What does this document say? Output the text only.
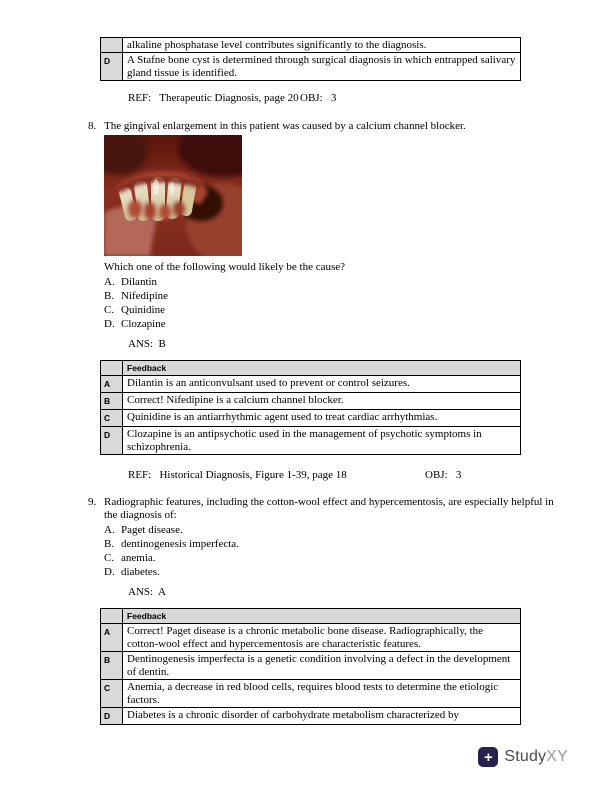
	alkaline phosphatase level contributes significantly to the diagnosis.
D	A Stafne bone cyst is determined through surgical diagnosis in which entrapped salivary gland tissue is identified.
REF:   Therapeutic Diagnosis, page 20OBJ:   3
8. The gingival enlargement in this patient was caused by a calcium channel blocker.
Which one of the following would likely be the cause?
A. Dilantin
B. Nifedipine
C. Quinidine
D. Clozapine
ANS:  B
	Feedback
A	Dilantin is an anticonvulsant used to prevent or control seizures.
B	Correct! Nifedipine is a calcium channel blocker.
C	Quinidine is an antiarrhythmic agent used to treat cardiac arrhythmias.
D	Clozapine is an antipsychotic used in the management of psychotic symptoms in schizophrenia.
REF:   Historical Diagnosis, Figure 1-39, page 18	OBJ:   3
9. Radiographic features, including the cotton-wool effect and hypercementosis, are especially helpful in the diagnosis of:
A. Paget disease.
B. dentinogenesis imperfecta.
C. anemia.
D. diabetes.
ANS:  A
	Feedback
A	Correct! Paget disease is a chronic metabolic bone disease. Radiographically, the cotton-wool effect and hypercementosis are characteristic features.
B	Dentinogenesis imperfecta is a genetic condition involving a defect in the development of dentin.
C	Anemia, a decrease in red blood cells, requires blood tests to determine the etiologic factors.
D	Diabetes is a chronic disorder of carbohydrate metabolism characterized by
+ StudyXY
